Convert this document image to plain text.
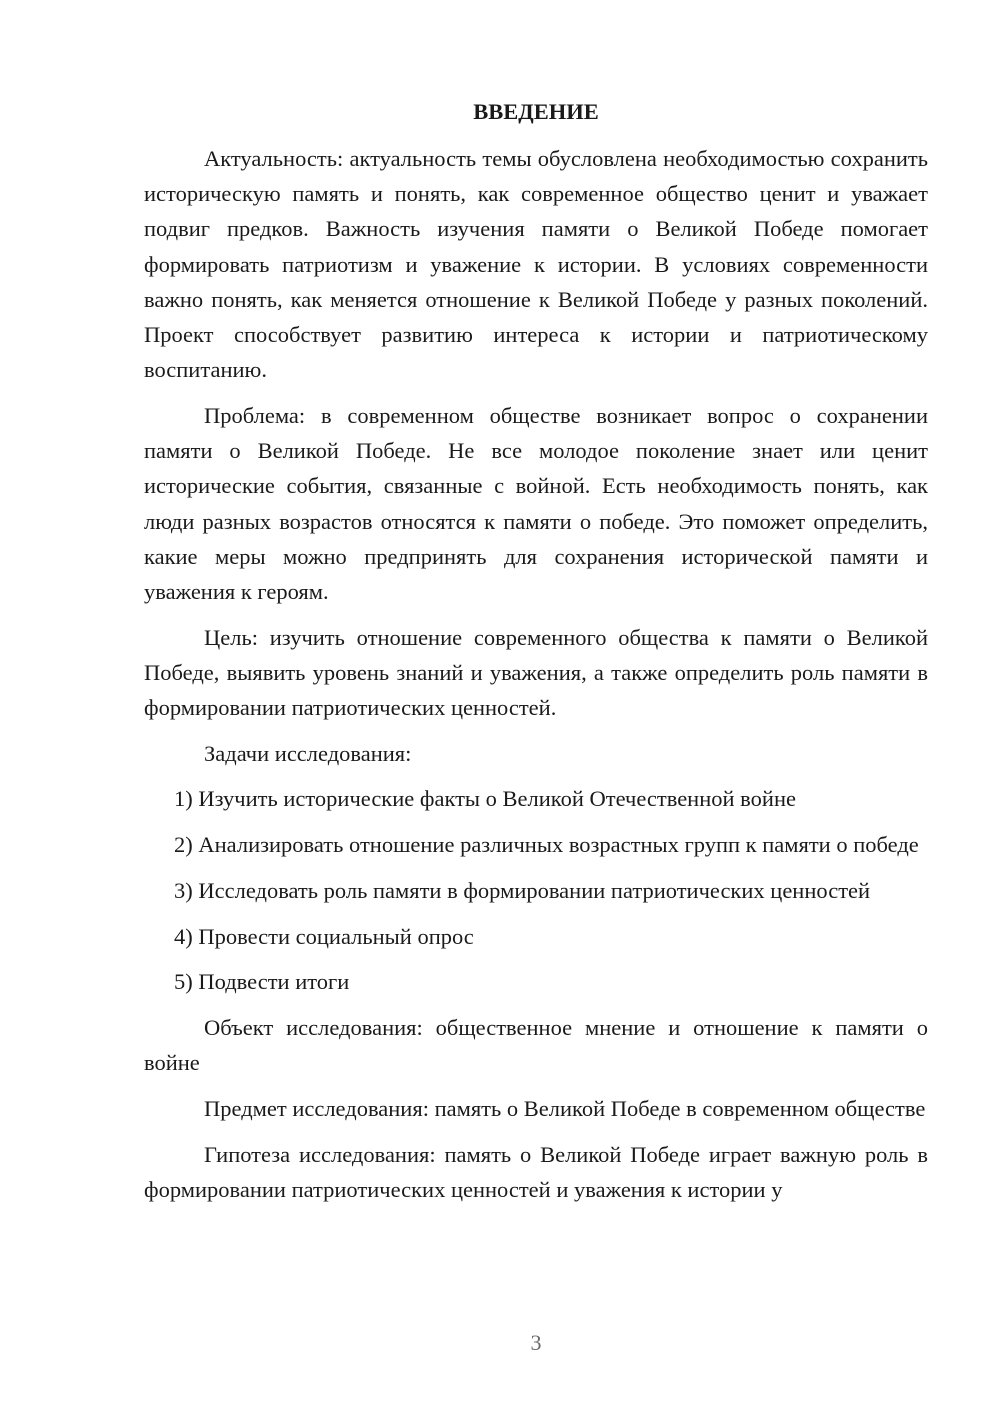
ВВЕДЕНИЕ

Актуальность: актуальность темы обусловлена необходимостью сохранить историческую память и понять, как современное общество ценит и уважает подвиг предков. Важность изучения памяти о Великой Победе помогает формировать патриотизм и уважение к истории. В условиях современности важно понять, как меняется отношение к Великой Победе у разных поколений. Проект способствует развитию интереса к истории и патриотическому воспитанию.

Проблема: в современном обществе возникает вопрос о сохранении памяти о Великой Победе. Не все молодое поколение знает или ценит исторические события, связанные с войной. Есть необходимость понять, как люди разных возрастов относятся к памяти о победе. Это поможет определить, какие меры можно предпринять для сохранения исторической памяти и уважения к героям.

Цель: изучить отношение современного общества к памяти о Великой Победе, выявить уровень знаний и уважения, а также определить роль памяти в формировании патриотических ценностей.

Задачи исследования:

1) Изучить исторические факты о Великой Отечественной войне

2) Анализировать отношение различных возрастных групп к памяти о победе

3) Исследовать роль памяти в формировании патриотических ценностей

4) Провести социальный опрос

5) Подвести итоги

Объект исследования: общественное мнение и отношение к памяти о войне

Предмет исследования: память о Великой Победе в современном обществе

Гипотеза исследования: память о Великой Победе играет важную роль в формировании патриотических ценностей и уважения к истории у

3
